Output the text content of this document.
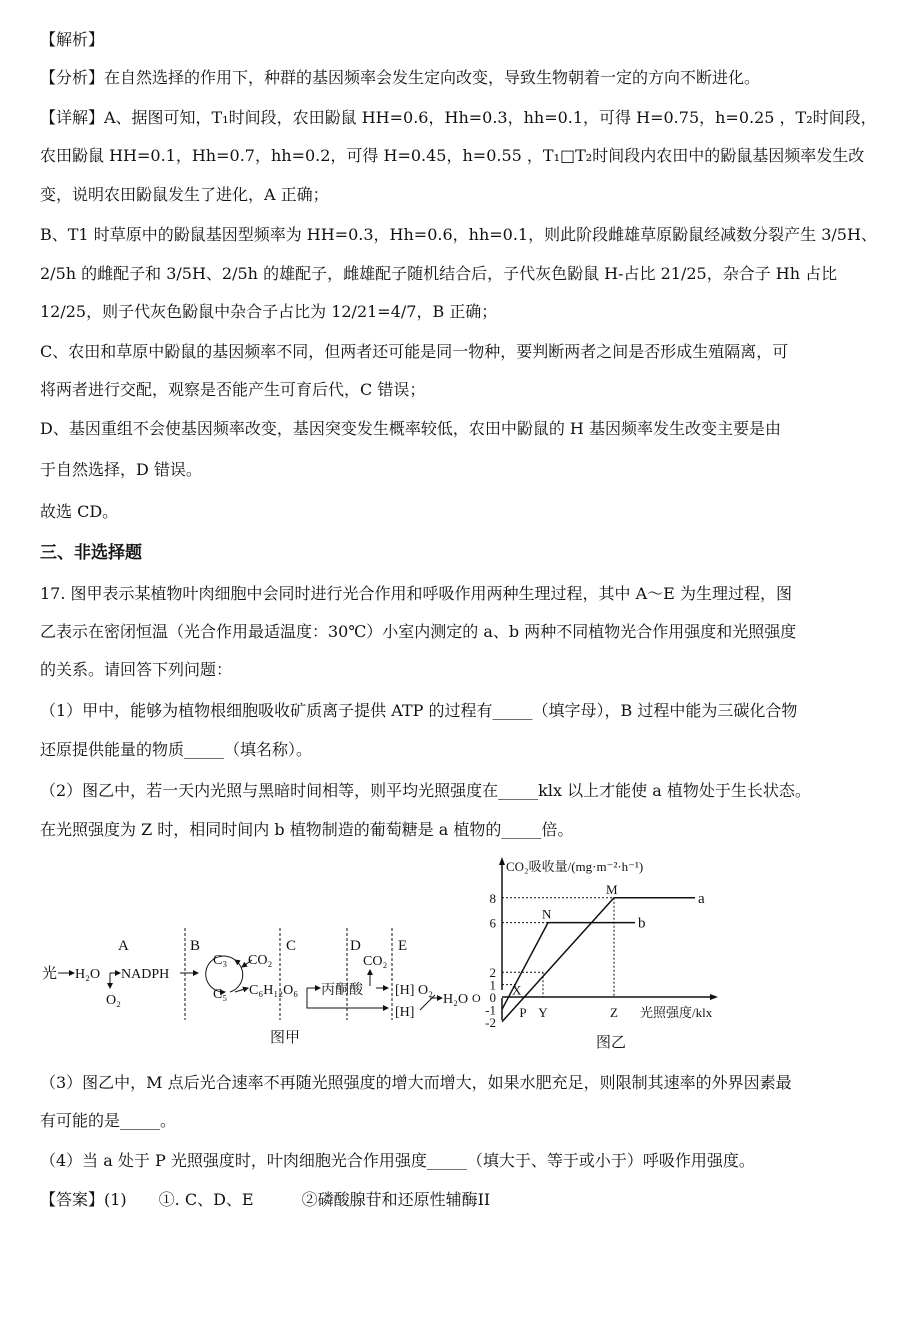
【解析】
【分析】在自然选择的作用下，种群的基因频率会发生定向改变，导致生物朝着一定的方向不断进化。
【详解】A、据图可知，T₁时间段，农田鼢鼠 HH=0.6，Hh=0.3，hh=0.1，可得 H=0.75，h=0.25 ，T₂时间段，
农田鼢鼠 HH=0.1，Hh=0.7，hh=0.2，可得 H=0.45，h=0.55 ，T₁□T₂时间段内农田中的鼢鼠基因频率发生改
变，说明农田鼢鼠发生了进化，A 正确；
B、T1 时草原中的鼢鼠基因型频率为 HH=0.3，Hh=0.6，hh=0.1，则此阶段雌雄草原鼢鼠经减数分裂产生 3/5H、
2/5h 的雌配子和 3/5H、2/5h 的雄配子，雌雄配子随机结合后，子代灰色鼢鼠 H-占比 21/25，杂合子 Hh 占比
12/25，则子代灰色鼢鼠中杂合子占比为 12/21=4/7，B 正确；
C、农田和草原中鼢鼠的基因频率不同，但两者还可能是同一物种，要判断两者之间是否形成生殖隔离，可
将两者进行交配，观察是否能产生可育后代，C 错误；
D、基因重组不会使基因频率改变，基因突变发生概率较低，农田中鼢鼠的 H 基因频率发生改变主要是由
于自然选择，D 错误。
故选 CD。
三、非选择题
17. 图甲表示某植物叶肉细胞中会同时进行光合作用和呼吸作用两种生理过程，其中 A～E 为生理过程，图
乙表示在密闭恒温（光合作用最适温度：30℃）小室内测定的 a、b 两种不同植物光合作用强度和光照强度
的关系。请回答下列问题：
（1）甲中，能够为植物根细胞吸收矿质离子提供 ATP 的过程有_____（填字母），B 过程中能为三碳化合物
还原提供能量的物质_____（填名称）。
（2）图乙中，若一天内光照与黑暗时间相等，则平均光照强度在_____klx 以上才能使 a 植物处于生长状态。
在光照强度为 Z 时，相同时间内 b 植物制造的葡萄糖是 a 植物的_____倍。
（3）图乙中，M 点后光合速率不再随光照强度的增大而增大，如果水肥充足，则限制其速率的外界因素最
有可能的是_____。
（4）当 a 处于 P 光照强度时，叶肉细胞光合作用强度_____（填大于、等于或小于）呼吸作用强度。
【答案】(1)　　①. C、D、E　　　②磷酸腺苷和还原性辅酶II
A	B	C	D E
光 H₂O
O₂
NADPH
C₃ CO₂
C₅ C₆H₁₂O₆ 丙酮酸
CO₂
[H] O₂
[H]
H₂O
图甲
CO₂吸收量/(mg·m⁻²·h⁻¹)
光照强度/klx
O
8
6
2
1
0
-1
-2
P Y	Z
a
M
b
N
X
图乙
